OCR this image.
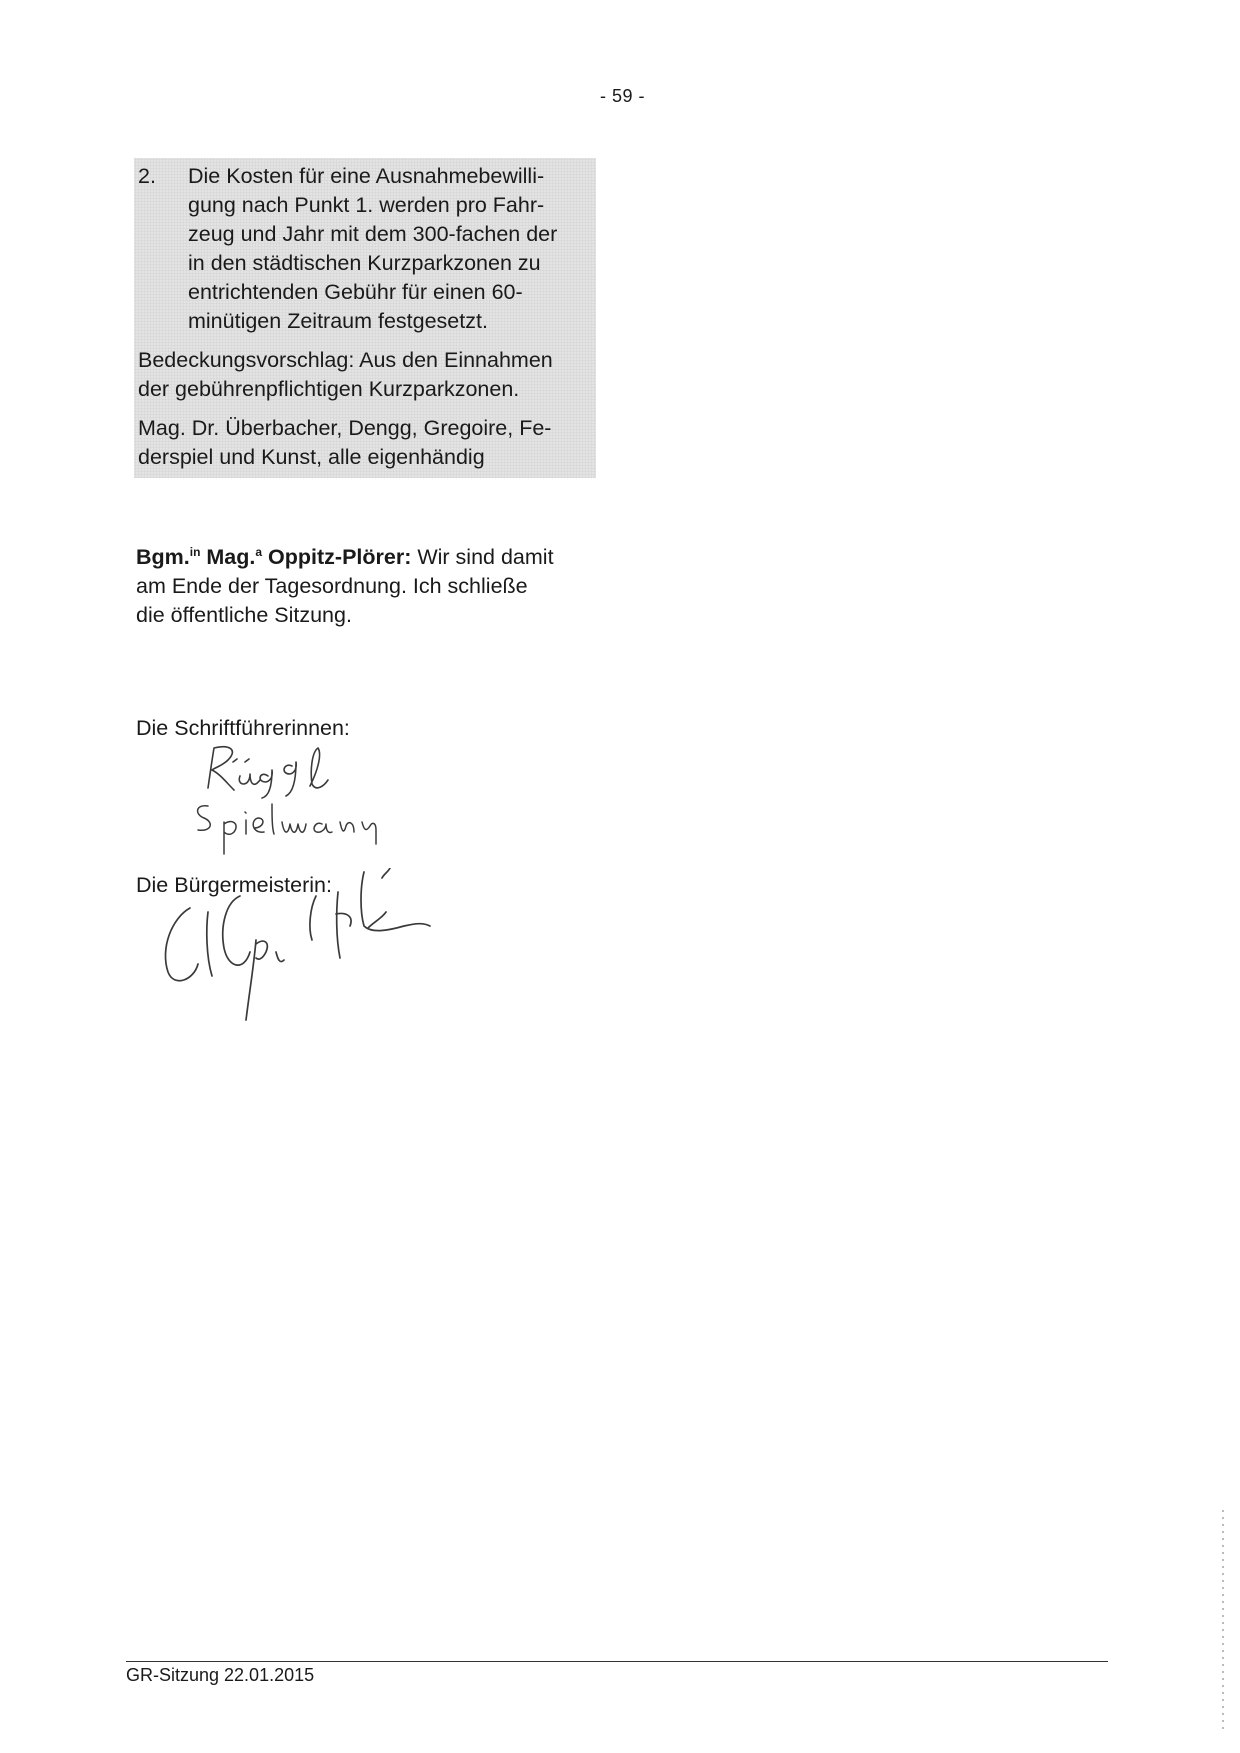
- 59 -
2. Die Kosten für eine Ausnahmebewilli-
gung nach Punkt 1. werden pro Fahr-
zeug und Jahr mit dem 300-fachen der
in den städtischen Kurzparkzonen zu
entrichtenden Gebühr für einen 60-
minütigen Zeitraum festgesetzt.
Bedeckungsvorschlag: Aus den Einnahmen
der gebührenpflichtigen Kurzparkzonen.
Mag. Dr. Überbacher, Dengg, Gregoire, Fe-
derspiel und Kunst, alle eigenhändig
Bgm.$^{in}$ Mag.$^a$ Oppitz-Plörer: Wir sind damit
am Ende der Tagesordnung. Ich schließe
die öffentliche Sitzung.
Die Schriftführerinnen:
Die Bürgermeisterin:
GR-Sitzung 22.01.2015
